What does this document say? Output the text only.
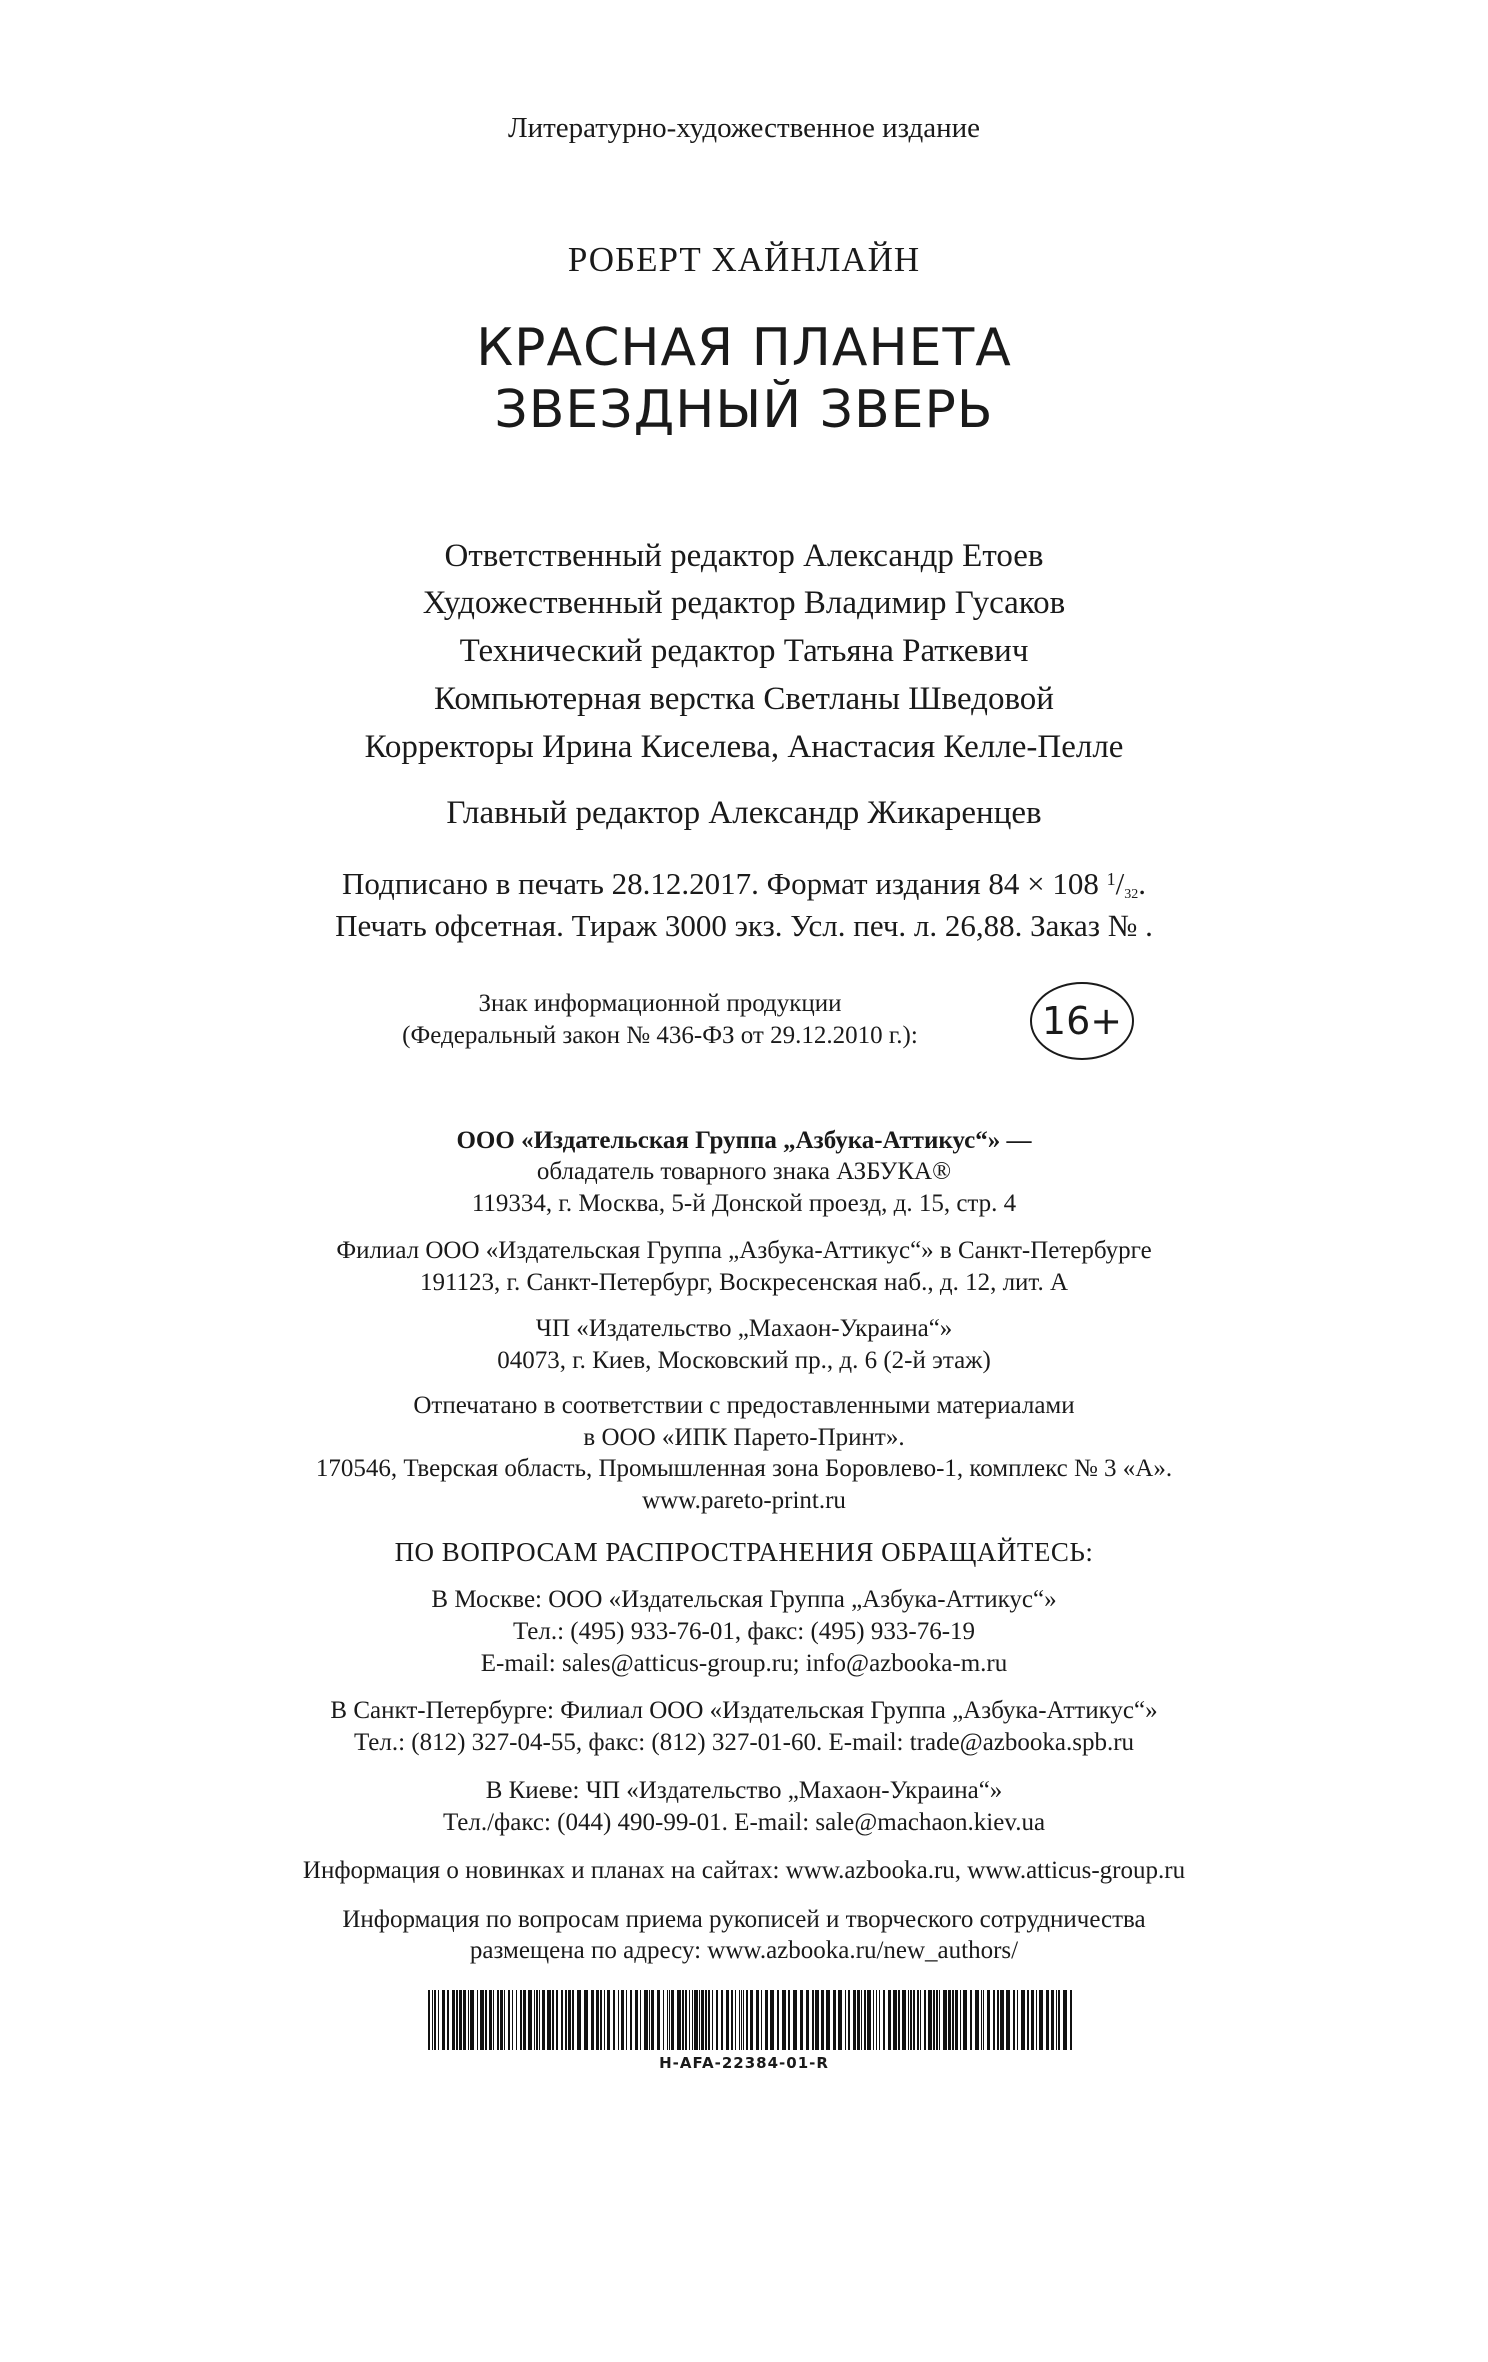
Литературно-художественное издание
РОБЕРТ ХАЙНЛАЙН
КРАСНАЯ ПЛАНЕТА
ЗВЕЗДНЫЙ ЗВЕРЬ
Ответственный редактор Александр Етоев
Художественный редактор Владимир Гусаков
Технический редактор Татьяна Раткевич
Компьютерная верстка Светланы Шведовой
Корректоры Ирина Киселева, Анастасия Келле-Пелле
Главный редактор Александр Жикаренцев
Подписано в печать 28.12.2017. Формат издания 84 × 108 $^1$/32.
Печать офсетная. Тираж 3000 экз. Усл. печ. л. 26,88. Заказ № .
Знак информационной продукции
(Федеральный закон № 436-ФЗ от 29.12.2010 г.):	16+
ООО «Издательская Группа „Азбука-Аттикус“» —
обладатель товарного знака АЗБУКА®
119334, г. Москва, 5-й Донской проезд, д. 15, стр. 4
Филиал ООО «Издательская Группа „Азбука-Аттикус“» в Санкт-Петербурге
191123, г. Санкт-Петербург, Воскресенская наб., д. 12, лит. А
ЧП «Издательство „Махаон-Украина“»
04073, г. Киев, Московский пр., д. 6 (2-й этаж)
Отпечатано в соответствии с предоставленными материалами
в ООО «ИПК Парето-Принт».
170546, Тверская область, Промышленная зона Боровлево-1, комплекс № 3 «А».
www.pareto-print.ru
ПО ВОПРОСАМ РАСПРОСТРАНЕНИЯ ОБРАЩАЙТЕСЬ:
В Москве: ООО «Издательская Группа „Азбука-Аттикус“»
Тел.: (495) 933-76-01, факс: (495) 933-76-19
E-mail: sales@atticus-group.ru; info@azbooka-m.ru
В Санкт-Петербурге: Филиал ООО «Издательская Группа „Азбука-Аттикус“»
Тел.: (812) 327-04-55, факс: (812) 327-01-60. E-mail: trade@azbooka.spb.ru
В Киеве: ЧП «Издательство „Махаон-Украина“»
Тел./факс: (044) 490-99-01. E-mail: sale@machaon.kiev.ua
Информация о новинках и планах на сайтах: www.azbooka.ru, www.atticus-group.ru
Информация по вопросам приема рукописей и творческого сотрудничества
размещена по адресу: www.azbooka.ru/new_authors/
H-AFA-22384-01-R
